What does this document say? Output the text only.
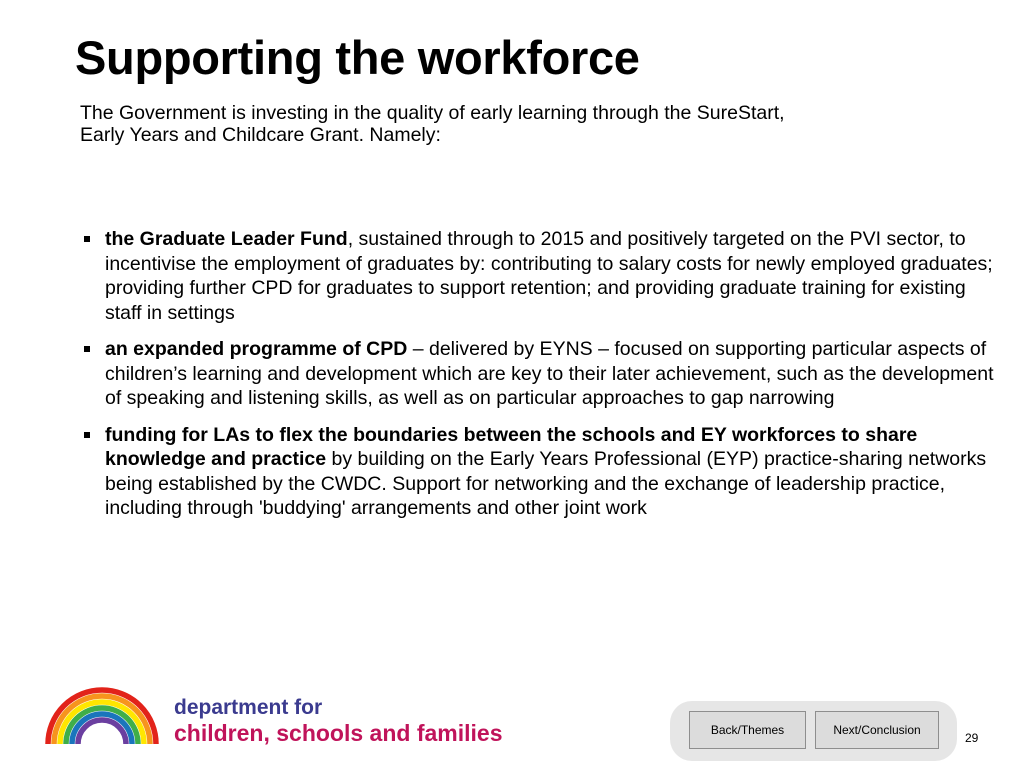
Supporting the workforce
The Government is investing in the quality of early learning through the SureStart, Early Years and Childcare Grant. Namely:
the Graduate Leader Fund, sustained through to 2015 and positively targeted on the PVI sector, to incentivise the employment of graduates by: contributing to salary costs for newly employed graduates; providing further CPD for graduates to support retention; and providing graduate training for existing staff in settings
an expanded programme of CPD – delivered by EYNS – focused on supporting particular aspects of children’s learning and development which are key to their later achievement, such as the development of speaking and listening skills, as well as on particular approaches to gap narrowing
funding for LAs to flex the boundaries between the schools and EY workforces to share knowledge and practice by building on the Early Years Professional (EYP) practice-sharing networks being established by the CWDC. Support for networking and the exchange of leadership practice, including through 'buddying' arrangements and other joint work
department for
children, schools and families	Back/Themes	Next/Conclusion
29
